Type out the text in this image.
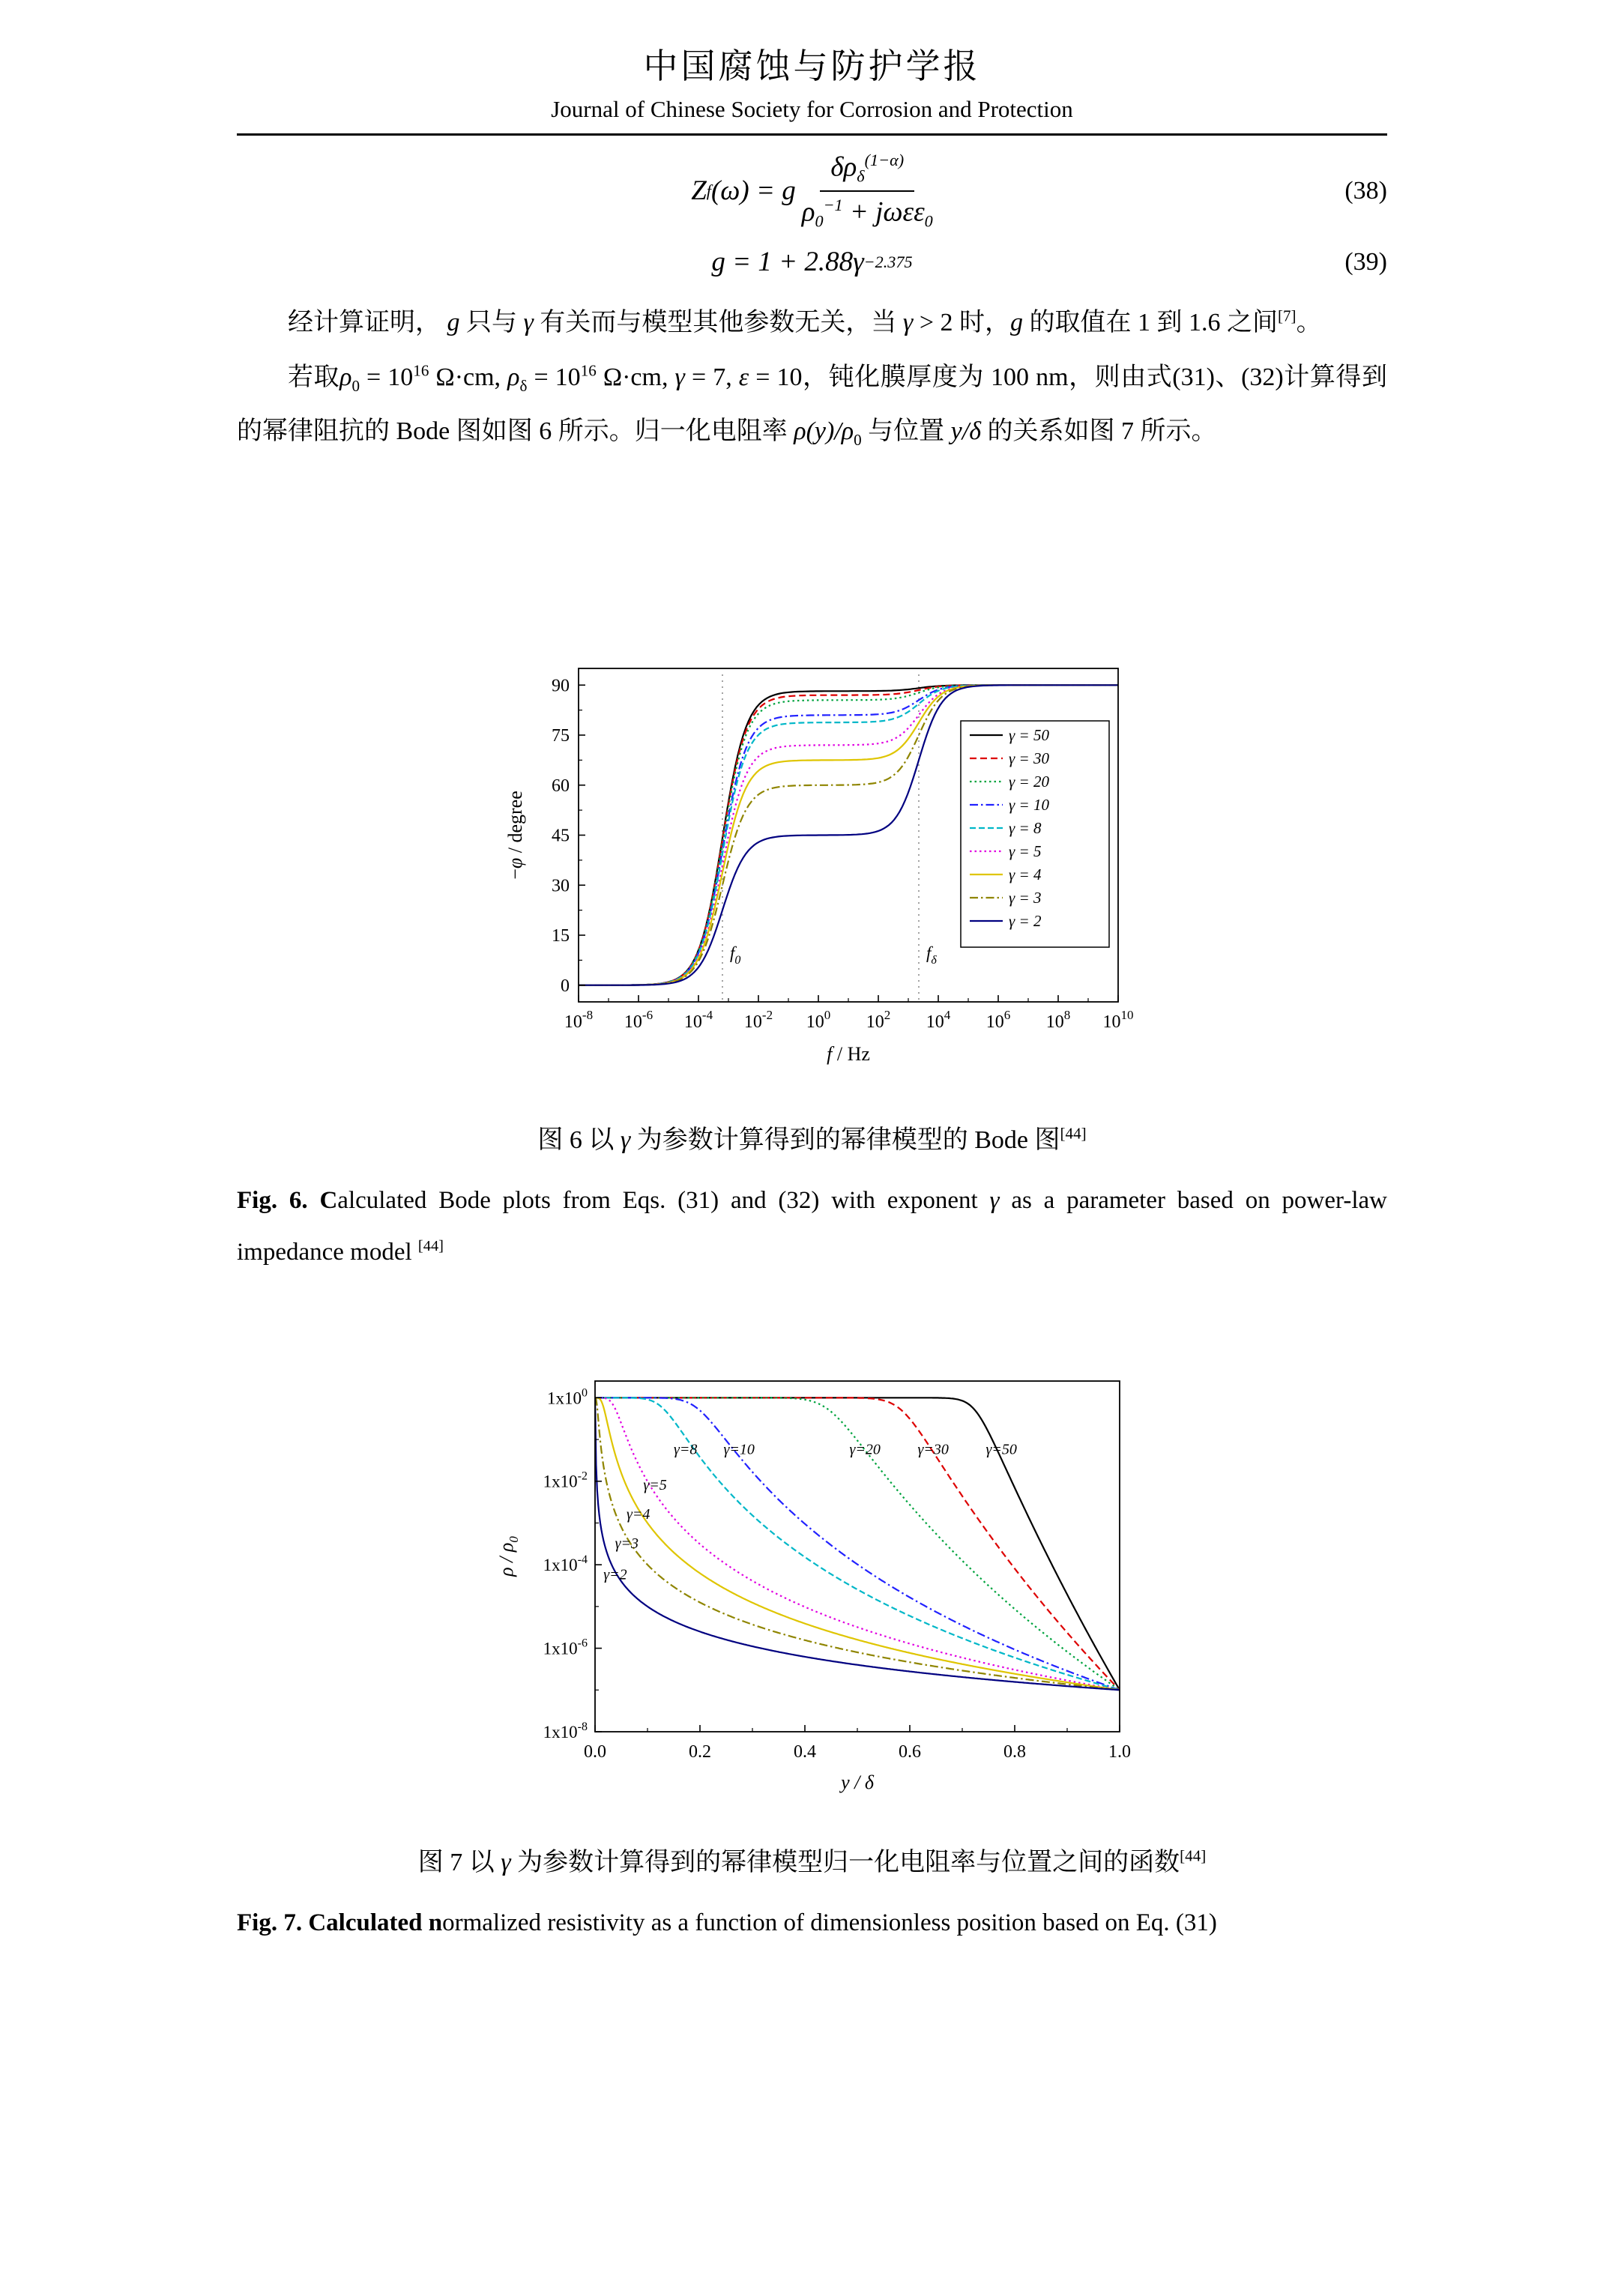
中国腐蚀与防护学报
Journal of Chinese Society for Corrosion and Protection
Z f (ω) = g $\frac{\delta\rho_\delta^{(1-\alpha)}}{\rho_0^{-1} + j\omega\varepsilon\varepsilon_0}$	(38)
g = 1 + 2.88γ −2.375	(39)

经计算证明， g 只与 γ 有关而与模型其他参数无关，当 γ > 2 时，g 的取值在 1 到 1.6 之间[7]。

若取$\rho_0 = 10^{16}$ Ω·cm, $\rho_\delta = 10^{16}$ Ω·cm, γ = 7, ε = 10，钝化膜厚度为 100 nm，则由式(31)、(32)计算得到的幂律阻抗的 Bode 图如图 6 所示。归一化电阻率 $\rho(y)/\rho_0$ 与位置 y/δ 的关系如图 7 所示。

$f_0$	$f_\delta$
0
15
30
45
60
75
90
$10^{-8}$ $10^{-6}$ $10^{-4}$ $10^{-2}$ $10^0$ $10^2$ $10^4$ $10^6$ $10^8$ $10^{10}$
−φ / degree
f / Hz
γ = 50
γ = 30
γ = 20
γ = 10
γ = 8
γ = 5
γ = 4
γ = 3
γ = 2
图 6 以 γ 为参数计算得到的幂律模型的 Bode 图[44]
Fig. 6. Calculated Bode plots from Eqs. (31) and (32) with exponent γ as a parameter based on power-law impedance model [44]
γ=8 γ=10	γ=20 γ=30 γ=50
γ=5
γ=4
γ=3
γ=2
0.0	0.2	0.4	0.6	0.8	1.0
$1x10^0$
$1x10^{-2}$
$1x10^{-4}$
$1x10^{-6}$
$1x10^{-8}$
ρ / $\rho_0$
y / δ
图 7 以 γ 为参数计算得到的幂律模型归一化电阻率与位置之间的函数[44]
Fig. 7. Calculated normalized resistivity as a function of dimensionless position based on Eq. (31)
